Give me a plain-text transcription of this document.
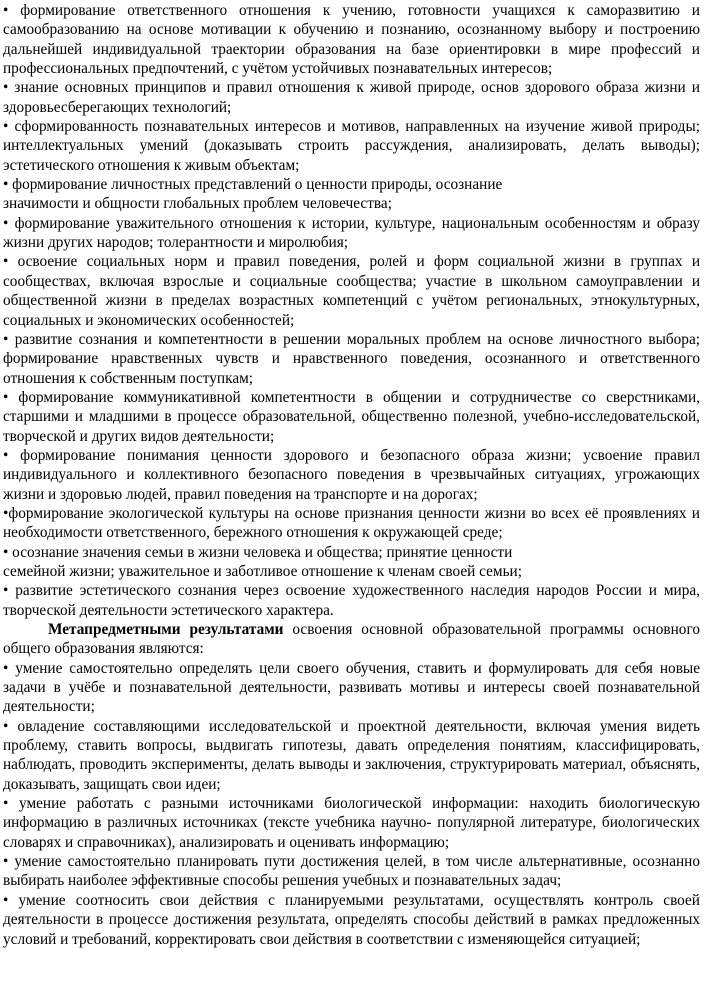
• формирование ответственного отношения к учению, готовности учащихся к саморазвитию и самообразованию на основе мотивации к обучению и познанию, осознанному выбору и построению дальнейшей индивидуальной траектории образования на базе ориентировки в мире профессий и профессиональных предпочтений, с учётом устойчивых познавательных интересов;

• знание основных принципов и правил отношения к живой природе, основ здорового образа жизни и здоровьесберегающих технологий;

• сформированность познавательных интересов и мотивов, направленных на изучение живой природы; интеллектуальных умений (доказывать строить рассуждения, анализировать, делать выводы); эстетического отношения к живым объектам;

• формирование личностных представлений о ценности природы, осознание

значимости и общности глобальных проблем человечества;

• формирование уважительного отношения к истории, культуре, национальным особенностям и образу жизни других народов; толерантности и миролюбия;

• освоение социальных норм и правил поведения, ролей и форм социальной жизни в группах и сообществах, включая взрослые и социальные сообщества; участие в школьном самоуправлении и общественной жизни в пределах возрастных компетенций с учётом региональных, этнокультурных, социальных и экономических особенностей;

• развитие сознания и компетентности в решении моральных проблем на основе личностного выбора; формирование нравственных чувств и нравственного поведения, осознанного и ответственного отношения к собственным поступкам;

• формирование коммуникативной компетентности в общении и сотрудничестве со сверстниками, старшими и младшими в процессе образовательной, общественно полезной, учебно-исследовательской, творческой и других видов деятельности;

• формирование понимания ценности здорового и безопасного образа жизни; усвоение правил индивидуального и коллективного безопасного поведения в чрезвычайных ситуациях, угрожающих жизни и здоровью людей, правил поведения на транспорте и на дорогах;

•формирование экологической культуры на основе признания ценности жизни во всех её проявлениях и необходимости ответственного, бережного отношения к окружающей среде;

• осознание значения семьи в жизни человека и общества; принятие ценности

семейной жизни; уважительное и заботливое отношение к членам своей семьи;

• развитие эстетического сознания через освоение художественного наследия народов России и мира, творческой деятельности эстетического характера.

Метапредметными результатами освоения основной образовательной программы основного общего образования являются:

• умение самостоятельно определять цели своего обучения, ставить и формулировать для себя новые задачи в учёбе и познавательной деятельности, развивать мотивы и интересы своей познавательной деятельности;

• овладение составляющими исследовательской и проектной деятельности, включая умения видеть проблему, ставить вопросы, выдвигать гипотезы, давать определения понятиям, классифицировать, наблюдать, проводить эксперименты, делать выводы и заключения, структурировать материал, объяснять, доказывать, защищать свои идеи;

• умение работать с разными источниками биологической информации: находить биологическую информацию в различных источниках (тексте учебника научно- популярной литературе, биологических словарях и справочниках), анализировать и оценивать информацию;

• умение самостоятельно планировать пути достижения целей, в том числе альтернативные, осознанно выбирать наиболее эффективные способы решения учебных и познавательных задач;

• умение соотносить свои действия с планируемыми результатами, осуществлять контроль своей деятельности в процессе достижения результата, определять способы действий в рамках предложенных условий и требований, корректировать свои действия в соответствии с изменяющейся ситуацией;
